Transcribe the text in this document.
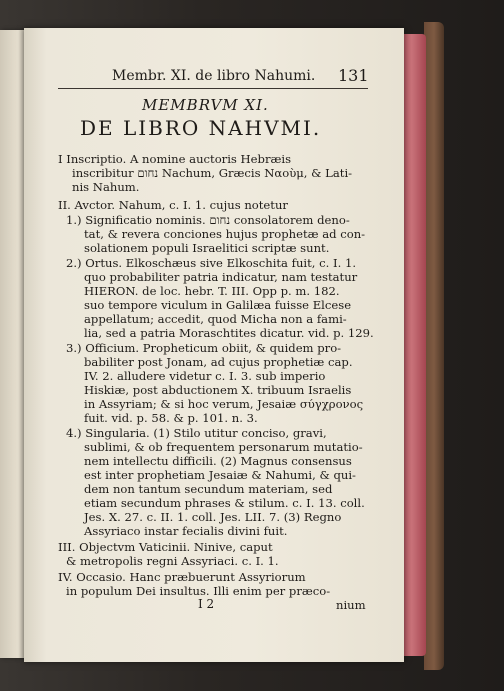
Membr. XI. de libro Nahumi. 131
MEMBRVM XI.
DE LIBRO NAHVMI.
I Inscriptio. A nomine auctoris Hebræis
inscribitur נחום Nachum, Græcis Ναοὺμ, & Lati-
nis Nahum.
II. Avctor. Nahum, c. I. 1. cujus notetur
1.) Significatio nominis. נחום consolatorem deno-
tat, & revera conciones hujus prophetæ ad con-
solationem populi Israelitici scriptæ sunt.
2.) Ortus. Elkoschæus sive Elkoschita fuit, c. I. 1.
quo probabiliter patria indicatur, nam testatur
HIERON. de loc. hebr. T. III. Opp p. m. 182.
suo tempore viculum in Galilæa fuisse Elcese
appellatum; accedit, quod Micha non a fami-
lia, sed a patria Moraschtites dicatur. vid. p. 129.
3.) Officium. Propheticum obiit, & quidem pro-
babiliter post Jonam, ad cujus prophetiæ cap.
IV. 2. alludere videtur c. I. 3. sub imperio
Hiskiæ, post abductionem X. tribuum Israelis
in Assyriam; & si hoc verum, Jesaiæ σύγχρονος
fuit. vid. p. 58. & p. 101. n. 3.
4.) Singularia. (1) Stilo utitur conciso, gravi,
sublimi, & ob frequentem personarum mutatio-
nem intellectu difficili. (2) Magnus consensus
est inter prophetiam Jesaiæ & Nahumi, & qui-
dem non tantum secundum materiam, sed
etiam secundum phrases & stilum. c. I. 13. coll.
Jes. X. 27. c. II. 1. coll. Jes. LII. 7. (3) Regno
Assyriaco instar fecialis divini fuit.
III. Objectvm Vaticinii. Ninive, caput
& metropolis regni Assyriaci. c. I. 1.
IV. Occasio. Hanc præbuerunt Assyriorum
in populum Dei insultus. Illi enim per præco-
I 2	nium
